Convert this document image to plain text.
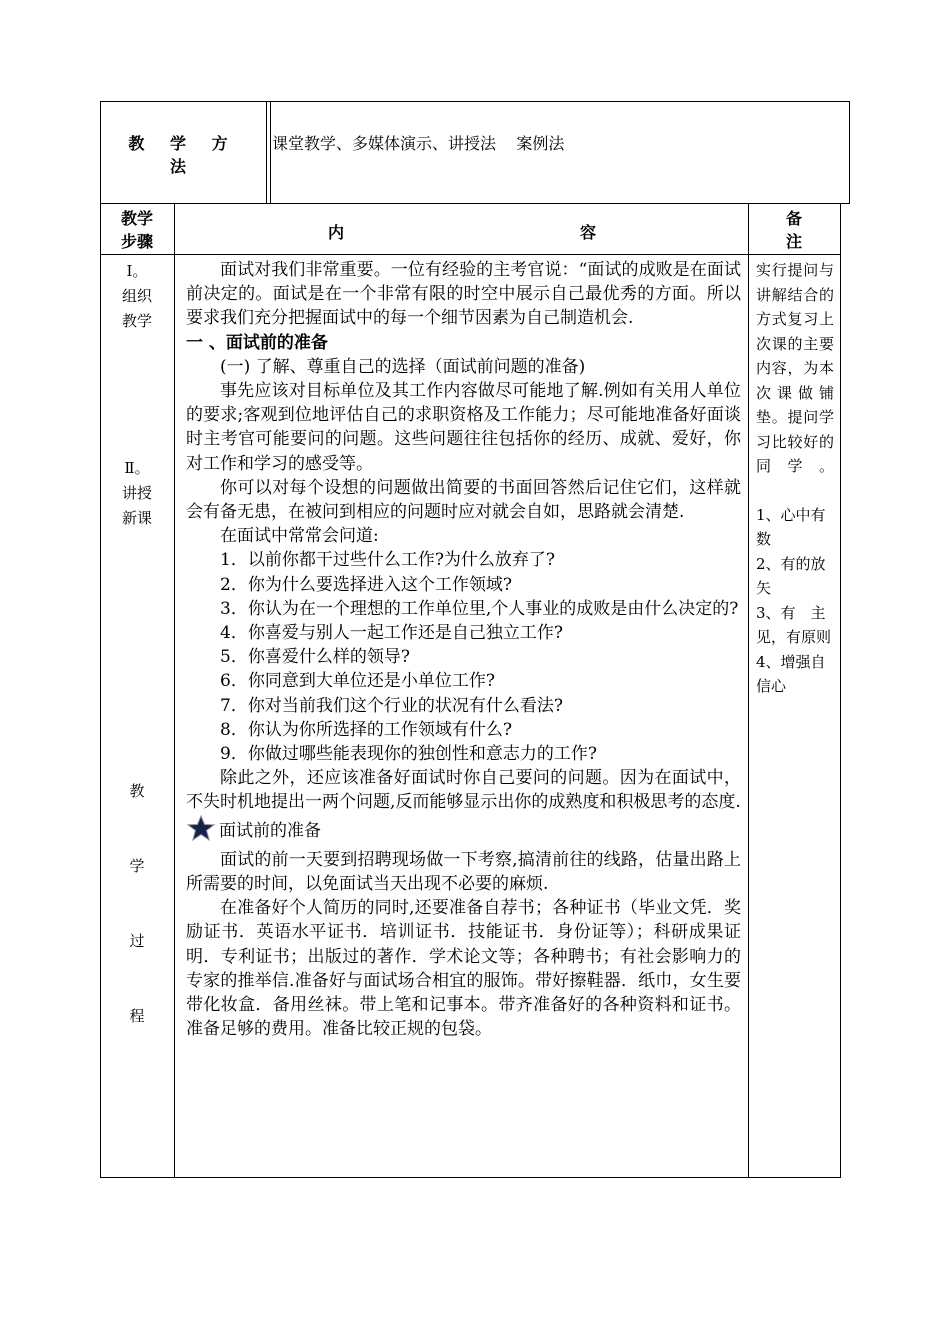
教 学 方 法
课堂教学、多媒体演示、讲授法    案例法
教学
步骤	内	容
备
注
Ⅰ。
组织
教学
Ⅱ。
讲授
新课
教
学
过
程

面试对我们非常重要。一位有经验的主考官说：“面试的成败是在面试前决定的。面试是在一个非常有限的时空中展示自己最优秀的方面。所以要求我们充分把握面试中的每一个细节因素为自己制造机会.

一 、面试前的准备

(一) 了解、尊重自己的选择（面试前问题的准备)

事先应该对目标单位及其工作内容做尽可能地了解.例如有关用人单位的要求;客观到位地评估自己的求职资格及工作能力；尽可能地准备好面谈时主考官可能要问的问题。这些问题往往包括你的经历、成就、爱好，你对工作和学习的感受等。

你可以对每个设想的问题做出简要的书面回答然后记住它们，这样就会有备无患，在被问到相应的问题时应对就会自如，思路就会清楚.

在面试中常常会问道:

1．以前你都干过些什么工作?为什么放弃了?

2．你为什么要选择进入这个工作领域?

3．你认为在一个理想的工作单位里,个人事业的成败是由什么决定的?

4．你喜爱与别人一起工作还是自己独立工作?

5．你喜爱什么样的领导?

6．你同意到大单位还是小单位工作?

7．你对当前我们这个行业的状况有什么看法?

8．你认为你所选择的工作领域有什么?

9．你做过哪些能表现你的独创性和意志力的工作?

除此之外，还应该准备好面试时你自己要问的问题。因为在面试中，不失时机地提出一两个问题,反而能够显示出你的成熟度和积极思考的态度.

面试前的准备

面试的前一天要到招聘现场做一下考察,搞清前往的线路，估量出路上所需要的时间，以免面试当天出现不必要的麻烦.

在准备好个人简历的同时,还要准备自荐书；各种证书（毕业文凭．奖励证书．英语水平证书．培训证书．技能证书．身份证等）；科研成果证明．专利证书；出版过的著作．学术论文等；各种聘书；有社会影响力的专家的推举信.准备好与面试场合相宜的服饰。带好擦鞋器．纸巾，女生要带化妆盒．备用丝袜。带上笔和记事本。带齐准备好的各种资料和证书。准备足够的费用。准备比较正规的包袋。

实行提问与讲解结合的方式复习上次课的主要内容，为本次课做铺垫。提问学习比较好的同学。

1、心中有数

2、有的放矢

3、有　主见，有原则

4、增强自信心
